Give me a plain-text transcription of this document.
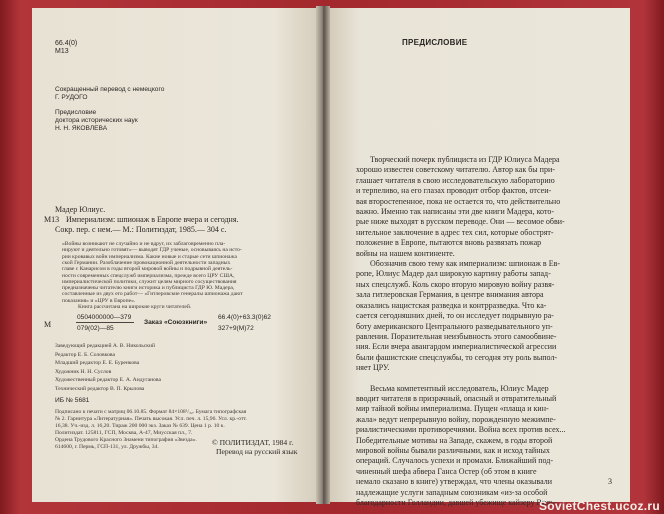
66.4(0)
M13
Сокращенный перевод с немецкого
Г. РУДОГО
Предисловие
доктора исторических наук
Н. Н. ЯКОВЛЕВА
Мадер Юлиус.
М13 Империализм: шпионаж в Европе вчера и сегодня.
Сокр. пер. с нем.— М.: Политиздат, 1985.— 304 с.
«Войны возникают не случайно и не вдруг, их заблаговременно пла-
нируют и деятельно готовят»— выводят ГДР ученые, основываясь на исто-
рии кровавых войн империализма. Какие новые и старые сети шпионажа
ской Германии. Разоблачение провокационной деятельности западных
главе с Канарисом в годы второй мировой войны и подрывной деятель-
ности современных спецслужб империализма, прежде всего ЦРУ США,
империалистической политики, служит целям мирного сосуществования
предназначены читателю книги историка и публициста ГДР Ю. Мадера,
составленные из двух его работ— «Гитлеровские генералы шпионажа дают
показания» и «ЦРУ в Европе».
Книга рассчитана на широкие круги читателей.
М
0504000000—379
079(02)—85
Заказ «Союзкниги»
66.4(0)+63.3(0)62
327+9(M)72
Заведующий редакцией А. В. Никольский
Редактор Е. Б. Соловкова
Младший редактор Е. Е. Буренкова
Художник Н. Н. Суслов
Художественный редактор Е. А. Андуганова
Технический редактор В. П. Крылова
ИБ № 5681
Подписано к печати с матриц 06.10.85. Формат 84×108¹/₃₂. Бумага типографская
№ 2. Гарнитура «Литературная». Печать высокая. Усл. печ. л. 15,96. Усл. кр.-отт.
16,38. Уч.-изд. л. 16,20. Тираж 200 000 экз. Заказ № 639. Цена 1 р. 10 к.
Политиздат. 125811, ГСП, Москва, А-47, Миусская пл., 7.
Ордена Трудового Красного Знамени типография «Звезда».
614600, г. Пермь, ГСП-131, ул. Дружбы, 34.	© ПОЛИТИЗДАТ, 1984 г.
Перевод на русский язык
ПРЕДИСЛОВИЕ
Творческий почерк публициста из ГДР Юлиуса Мадера
хорошо известен советскому читателю. Автор как бы при-
глашает читателя в свою исследовательскую лабораторию
и терпеливо, на его глазах проводит отбор фактов, отсеи-
вая второстепенное, пока не остается то, что действительно
важно. Именно так написаны эти две книги Мадера, кото-
рые ниже выходят в русском переводе. Они — весомое обви-
нительное заключение в адрес тех сил, которые обострят-
положение в Европе, пытаются вновь развязать пожар
войны на нашем континенте.
Обозначив свою тему как империализм: шпионаж в Ев-
ропе, Юлиус Мадер дал широкую картину работы запад-
ных спецслужб. Коль скоро вторую мировую войну развя-
зала гитлеровская Германия, в центре внимания автора
оказались нацистская разведка и контрразведка. Что ка-
сается сегодняшних дней, то он исследует подрывную ра-
боту американского Центрального разведывательного уп-
равления. Поразительная неизбывность этого самообвине-
ния. Если вчера авангардом империалистической агрессии
были фашистские спецслужбы, то сегодня эту роль выпол-
няет ЦРУ.
Весьма компетентный исследователь, Юлиус Мадер
вводит читателя в призрачный, опасный и отвратительный
мир тайной войны империализма. Пущен «плаща и кин-
жала» ведут непрерывную войну, порожденную межимпе-
риалистическими противоречиями. Война всех против всех...
Победительные мотивы на Западе, скажем, в годы второй
мировой войны бывали различными, как и исход тайных
операций. Случалось успехи и промахи. Ближайший под-
чиненный шефа абвера Ганса Остер (об этом в книге
немало сказано в книге) утверждал, что члены оказывали
надлежащие услуги западным союзникам «из-за особой
благодарности Голландии, давшей убежище кайзеру Виль-
3
SovietChest.ucoz.ru
